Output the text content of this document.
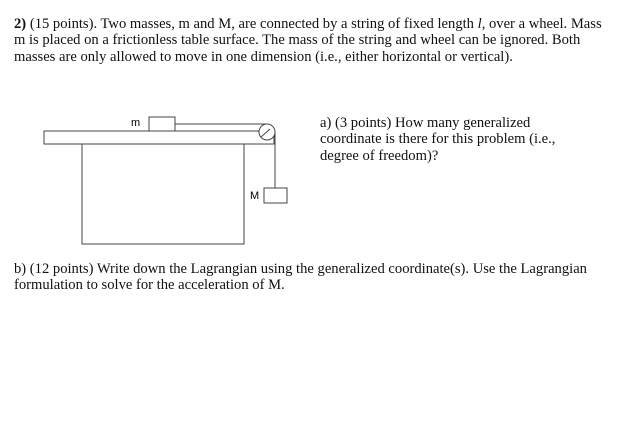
2) (15 points). Two masses, m and M, are connected by a string of fixed length l, over a wheel. Mass m is placed on a frictionless table surface. The mass of the string and wheel can be ignored. Both masses are only allowed to move in one dimension (i.e., either horizontal or vertical).
m
M
a) (3 points) How many generalized coordinate is there for this problem (i.e., degree of freedom)?
b) (12 points) Write down the Lagrangian using the generalized coordinate(s). Use the Lagrangian formulation to solve for the acceleration of M.
